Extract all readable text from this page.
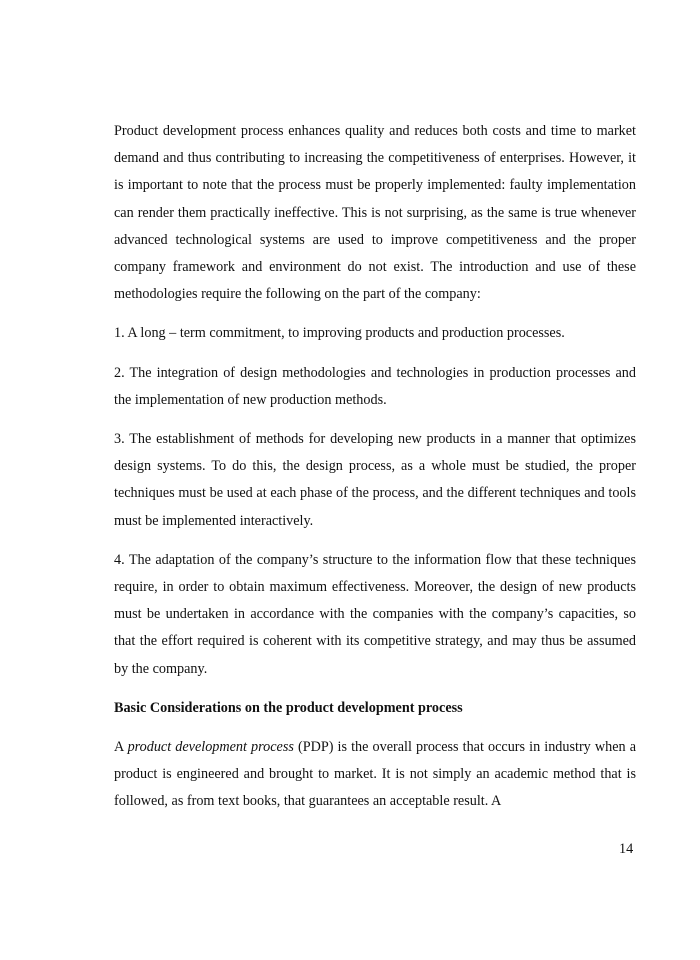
Product development process enhances quality and reduces both costs and time to market demand and thus contributing to increasing the competitiveness of enterprises. However, it is important to note that the process must be properly implemented: faulty implementation can render them practically ineffective. This is not surprising, as the same is true whenever advanced technological systems are used to improve competitiveness and the proper company framework and environment do not exist. The introduction and use of these methodologies require the following on the part of the company:

1. A long – term commitment, to improving products and production processes.

2. The integration of design methodologies and technologies in production processes and the implementation of new production methods.

3. The establishment of methods for developing new products in a manner that optimizes design systems. To do this, the design process, as a whole must be studied, the proper techniques must be used at each phase of the process, and the different techniques and tools must be implemented interactively.

4. The adaptation of the company’s structure to the information flow that these techniques require, in order to obtain maximum effectiveness. Moreover, the design of new products must be undertaken in accordance with the companies with the company’s capacities, so that the effort required is coherent with its competitive strategy, and may thus be assumed by the company.

Basic Considerations on the product development process

A product development process (PDP) is the overall process that occurs in industry when a product is engineered and brought to market. It is not simply an academic method that is followed, as from text books, that guarantees an acceptable result. A

14
